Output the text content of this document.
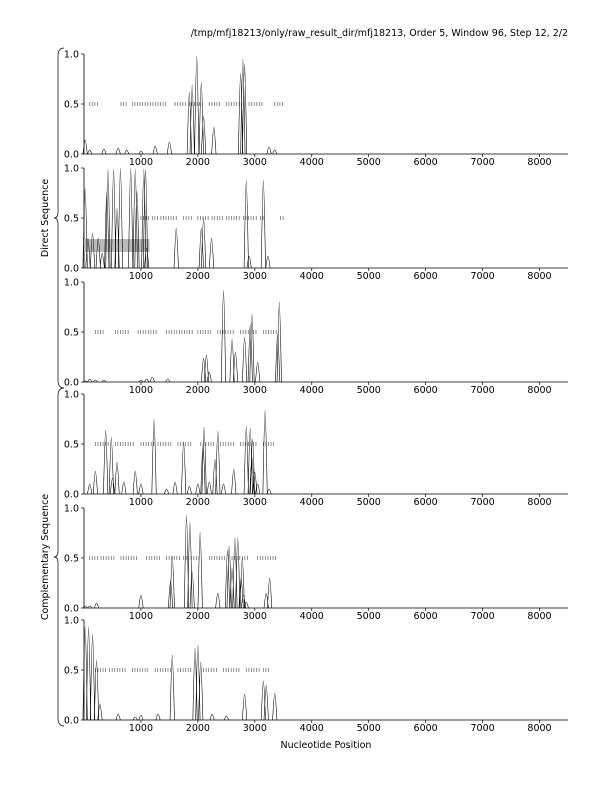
/tmp/mfj18213/only/raw_result_dir/mfj18213, Order 5, Window 96, Step 12, 2/2
0.0
0.5
1.0
1000	2000	3000	4000	5000	6000	7000	8000
0.0
0.5
1.0
1000	2000	3000	4000	5000	6000	7000	8000
0.0
0.5
1.0
1000	2000	3000	4000	5000	6000	7000	8000
0.0
0.5
1.0
1000	2000	3000	4000	5000	6000	7000	8000
0.0
0.5
1.0
1000	2000	3000	4000	5000	6000	7000	8000
0.0
0.5
1.0
1000	2000	3000	4000	5000	6000	7000	8000
Direct Sequence
Complementary Sequence
Nucleotide Position
